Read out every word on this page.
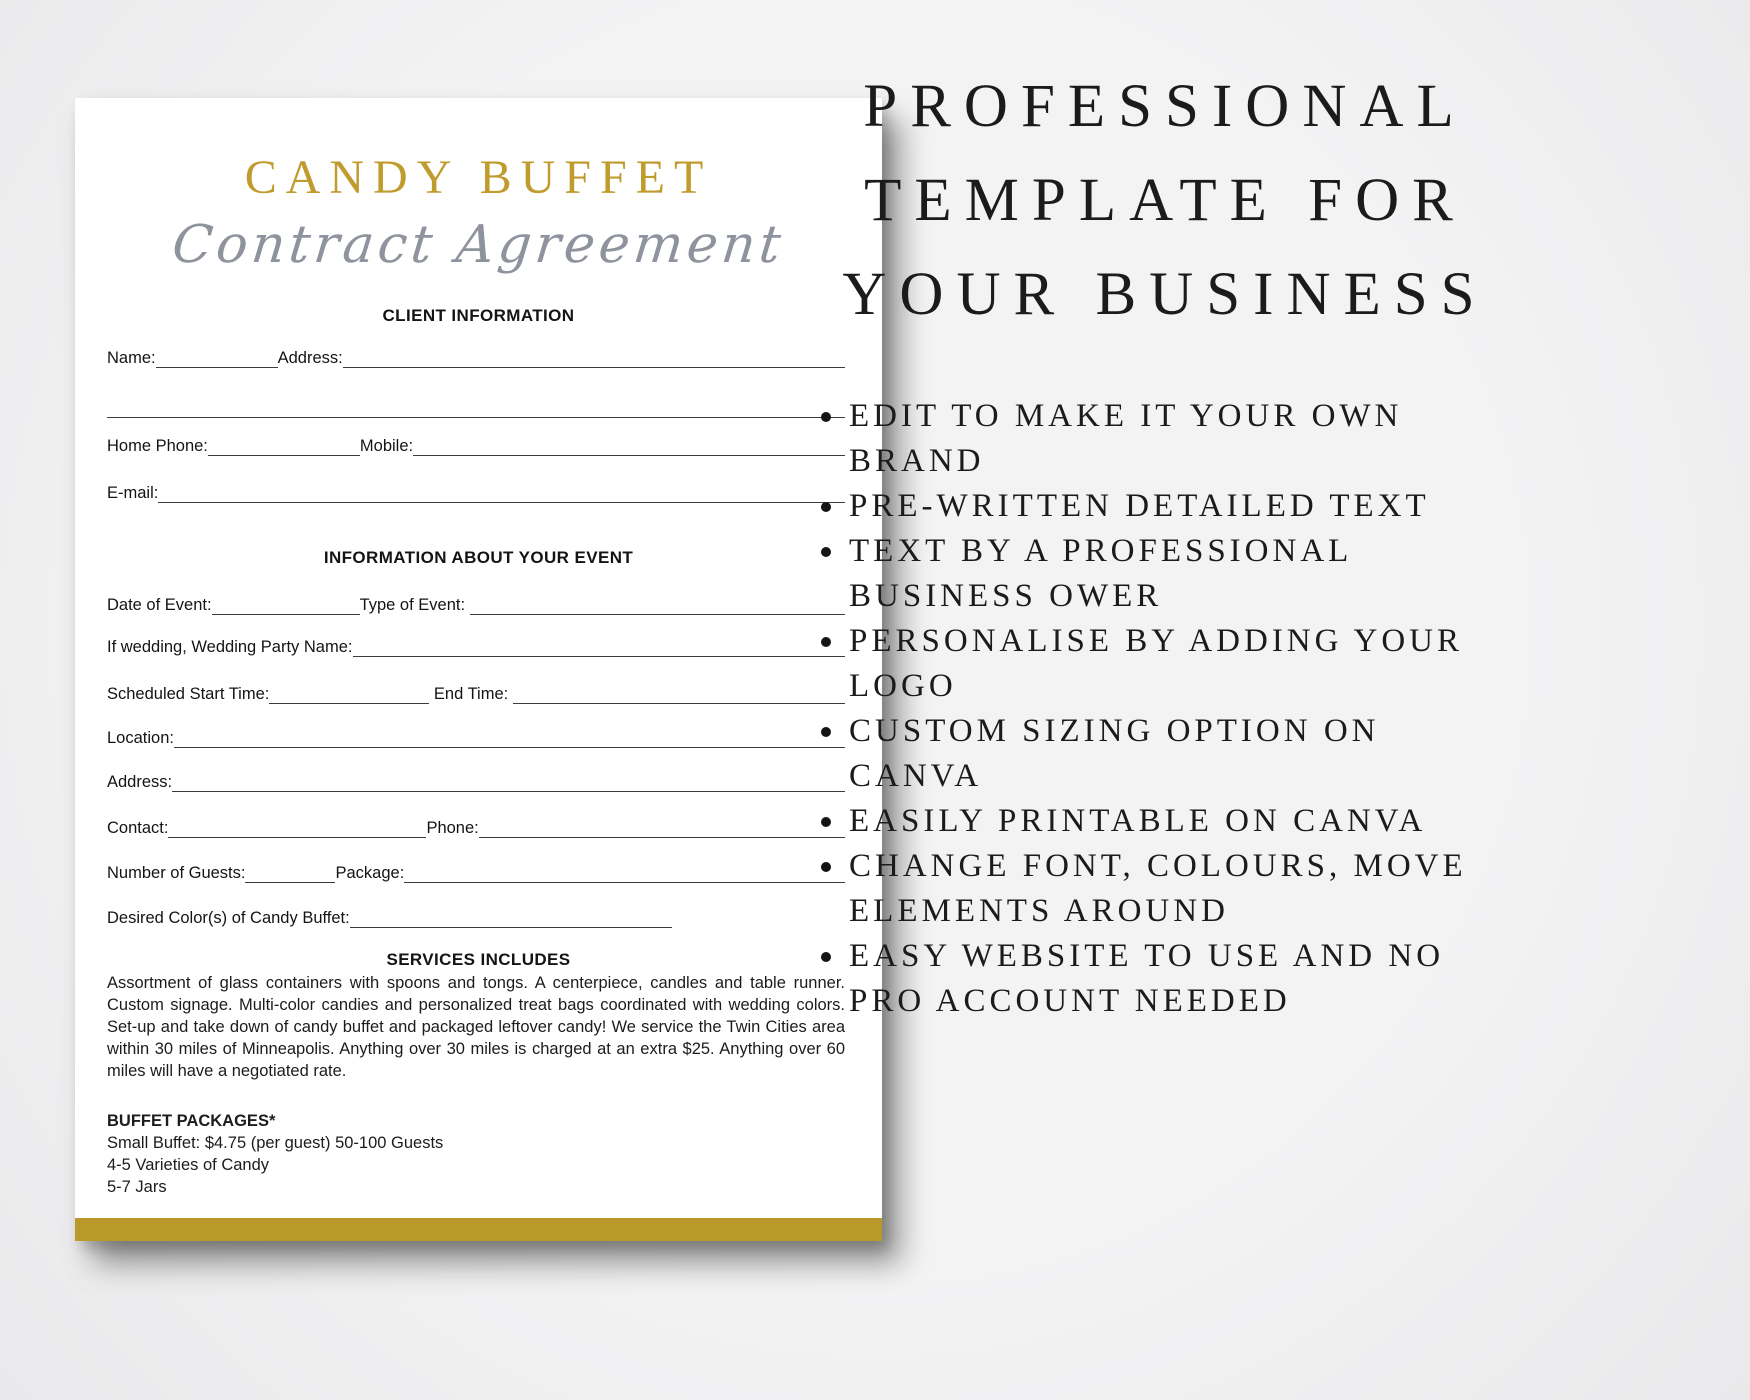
CANDY BUFFET
Contract Agreement
CLIENT INFORMATION
Name:	Address:
Home Phone:	Mobile:
E-mail:
INFORMATION ABOUT YOUR EVENT
Date of Event:	Type of Event:
If wedding, Wedding Party Name:
Scheduled Start Time:	End Time:
Location:
Address:
Contact:	Phone:
Number of Guests:	Package:
Desired Color(s) of Candy Buffet:
SERVICES INCLUDES
Assortment of glass containers with spoons and tongs. A centerpiece, candles and table runner. Custom signage. Multi-color candies and personalized treat bags coordinated with wedding colors. Set-up and take down of candy buffet and packaged leftover candy! We service the Twin Cities area within 30 miles of Minneapolis. Anything over 30 miles is charged at an extra $25. Anything over 60 miles will have a negotiated rate.
BUFFET PACKAGES*
Small Buffet: $4.75 (per guest) 50-100 Guests
4-5 Varieties of Candy
5-7 Jars
PROFESSIONAL
TEMPLATE FOR
YOUR BUSINESS
EDIT TO MAKE IT YOUR OWN BRAND
PRE-WRITTEN DETAILED TEXT
TEXT BY A PROFESSIONAL BUSINESS OWER
PERSONALISE BY ADDING YOUR LOGO
CUSTOM SIZING OPTION ON CANVA
EASILY PRINTABLE ON CANVA
CHANGE FONT, COLOURS, MOVE ELEMENTS AROUND
EASY WEBSITE TO USE AND NO PRO ACCOUNT NEEDED
